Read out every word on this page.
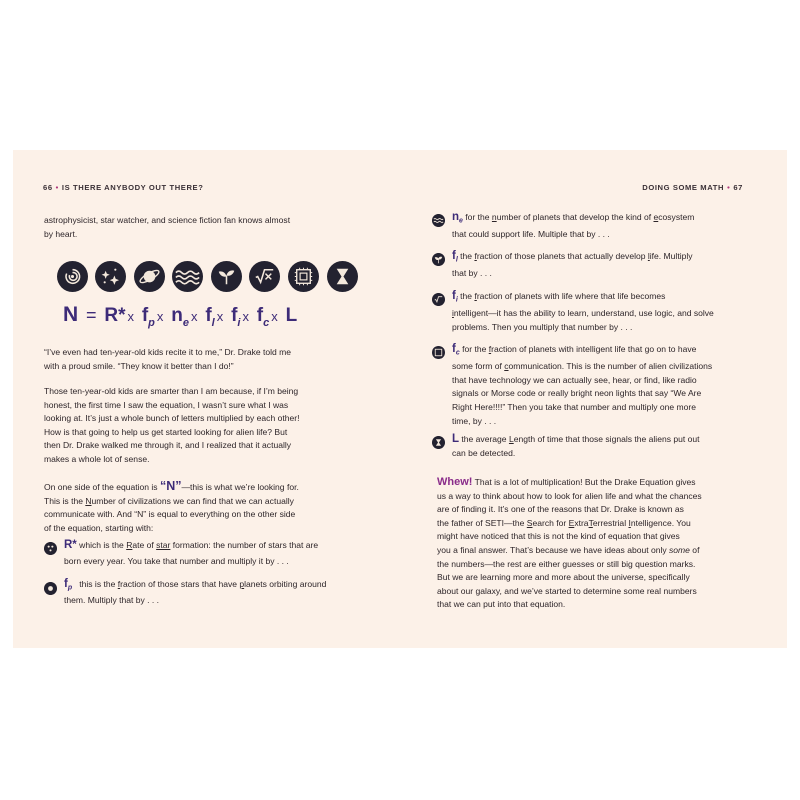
66 • IS THERE ANYBODY OUT THERE?

astrophysicist, star watcher, and science fiction fan knows almost

by heart.

N = R* x $f_p$ x $n_e$ x $f_l$ x $f_i$ x $f_c$ x L

“I’ve even had ten-year-old kids recite it to me,” Dr. Drake told me

with a proud smile. “They know it better than I do!”

Those ten-year-old kids are smarter than I am because, if I’m being

honest, the first time I saw the equation, I wasn’t sure what I was

looking at. It’s just a whole bunch of letters multiplied by each other!

How is that going to help us get started looking for alien life? But

then Dr. Drake walked me through it, and I realized that it actually

makes a whole lot of sense.

On one side of the equation is “N”—this is what we’re looking for.

This is the Number of civilizations we can find that we can actually

communicate with. And “N” is equal to everything on the other side

of the equation, starting with:

R* which is the Rate of star formation: the number of stars that are

born every year. You take that number and multiply it by . . .

$f_p$ this is the fraction of those stars that have planets orbiting around

them. Multiply that by . . .

DOING SOME MATH • 67

$n_e$ for the number of planets that develop the kind of ecosystem

that could support life. Multiple that by . . .

$f_l$ the fraction of those planets that actually develop life. Multiply

that by . . .

$f_i$ the fraction of planets with life where that life becomes

intelligent—it has the ability to learn, understand, use logic, and solve

problems. Then you multiply that number by . . .

$f_c$ for the fraction of planets with intelligent life that go on to have

some form of communication. This is the number of alien civilizations

that have technology we can actually see, hear, or find, like radio

signals or Morse code or really bright neon lights that say “We Are

Right Here!!!!” Then you take that number and multiply one more

time, by . . .

L the average Length of time that those signals the aliens put out

can be detected.

Whew! That is a lot of multiplication! But the Drake Equation gives

us a way to think about how to look for alien life and what the chances

are of finding it. It’s one of the reasons that Dr. Drake is known as

the father of SETI—the Search for ExtraTerrestrial Intelligence. You

might have noticed that this is not the kind of equation that gives

you a final answer. That’s because we have ideas about only some of

the numbers—the rest are either guesses or still big question marks.

But we are learning more and more about the universe, specifically

about our galaxy, and we’ve started to determine some real numbers

that we can put into that equation.
